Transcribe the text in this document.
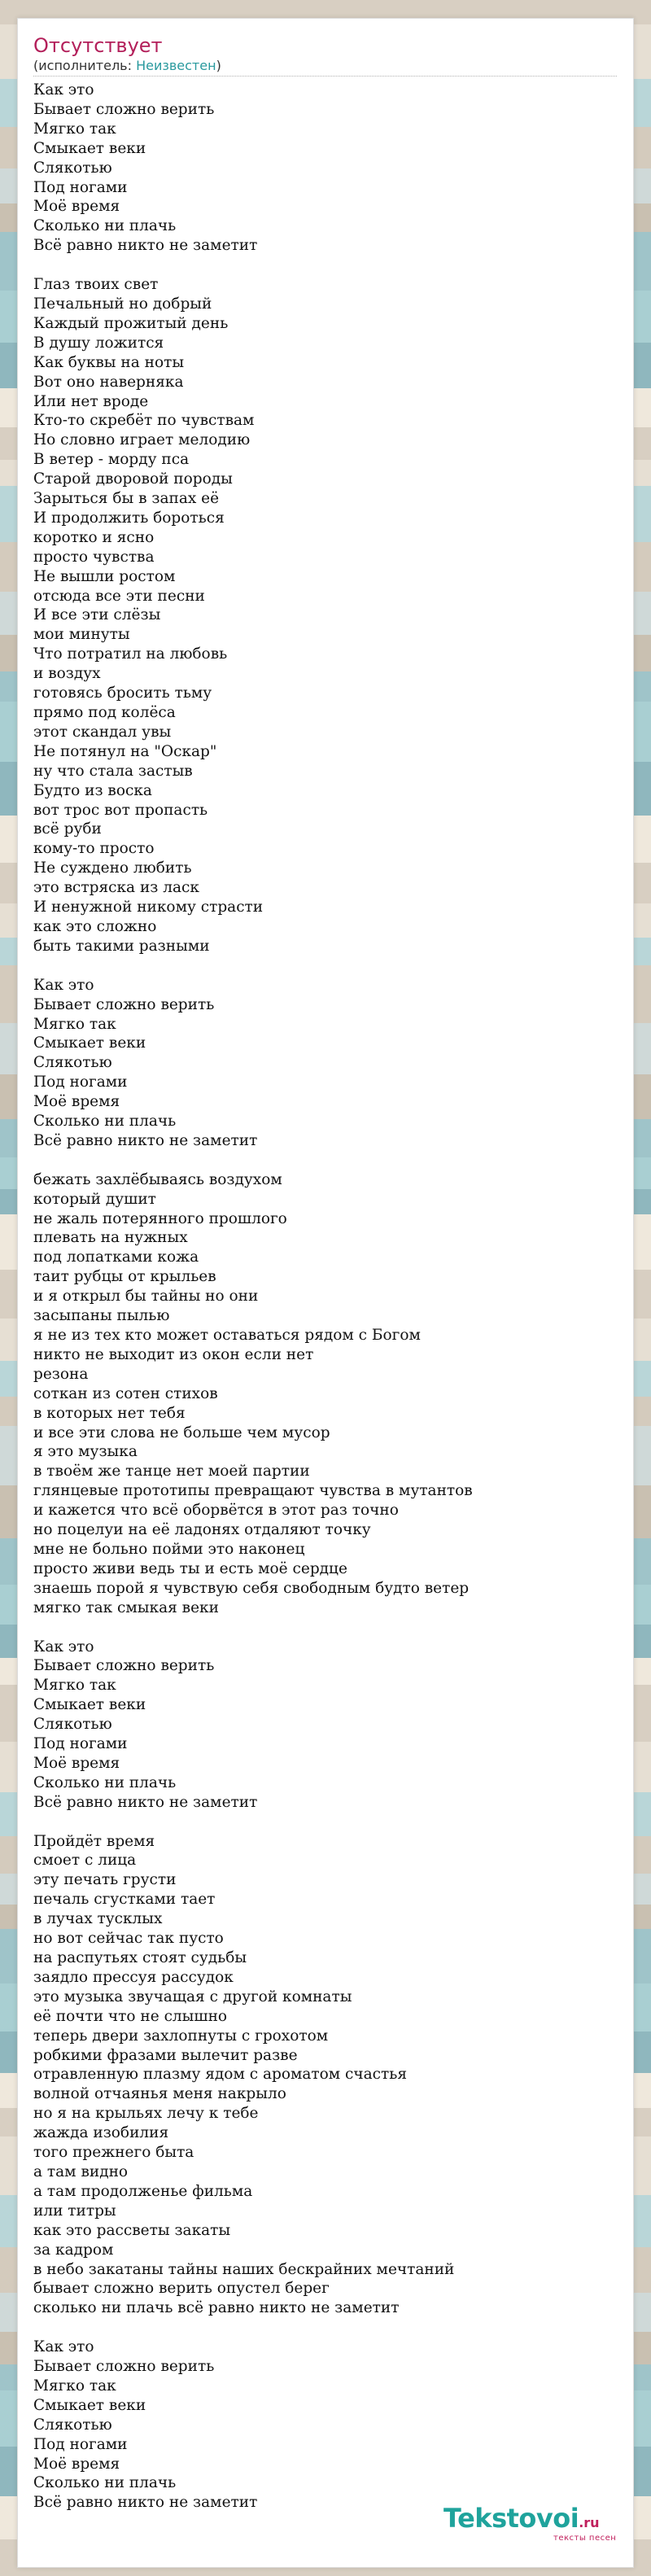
Отсутствует
(исполнитель: Неизвестен)
Как это
Бывает сложно верить
Мягко так
Смыкает веки
Слякотью
Под ногами
Моё время
Сколько ни плачь
Всё равно никто не заметит

Глаз твоих свет
Печальный но добрый
Каждый прожитый день
В душу ложится
Как буквы на ноты
Вот оно наверняка
Или нет вроде
Кто-то скребёт по чувствам
Но словно играет мелодию
В ветер - морду пса
Старой дворовой породы
Зарыться бы в запах её
И продолжить бороться
коротко и ясно
просто чувства
Не вышли ростом
отсюда все эти песни
И все эти слёзы
мои минуты
Что потратил на любовь
и воздух
готовясь бросить тьму
прямо под колёса
этот скандал увы
Не потянул на "Оскар"
ну что стала застыв
Будто из воска
вот трос вот пропасть
всё руби
кому-то просто
Не суждено любить
это встряска из ласк
И ненужной никому страсти
как это сложно
быть такими разными

Как это
Бывает сложно верить
Мягко так
Смыкает веки
Слякотью
Под ногами
Моё время
Сколько ни плачь
Всё равно никто не заметит

бежать захлёбываясь воздухом
который душит
не жаль потерянного прошлого
плевать на нужных
под лопатками кожа
таит рубцы от крыльев
и я открыл бы тайны но они
засыпаны пылью
я не из тех кто может оставаться рядом с Богом
никто не выходит из окон если нет
резона
соткан из сотен стихов
в которых нет тебя
и все эти слова не больше чем мусор
я это музыка
в твоём же танце нет моей партии
глянцевые прототипы превращают чувства в мутантов
и кажется что всё оборвётся в этот раз точно
но поцелуи на её ладонях отдаляют точку
мне не больно пойми это наконец
просто живи ведь ты и есть моё сердце
знаешь порой я чувствую себя свободным будто ветер
мягко так смыкая веки

Как это
Бывает сложно верить
Мягко так
Смыкает веки
Слякотью
Под ногами
Моё время
Сколько ни плачь
Всё равно никто не заметит

Пройдёт время
смоет с лица
эту печать грусти
печаль сгустками тает
в лучах тусклых
но вот сейчас так пусто
на распутьях стоят судьбы
заядло прессуя рассудок
это музыка звучащая с другой комнаты
её почти что не слышно
теперь двери захлопнуты с грохотом
робкими фразами вылечит разве
отравленную плазму ядом с ароматом счастья
волной отчаянья меня накрыло
но я на крыльях лечу к тебе
жажда изобилия
того прежнего быта
а там видно
а там продолженье фильма
или титры
как это рассветы закаты
за кадром
в небо закатаны тайны наших бескрайних мечтаний
бывает сложно верить опустел берег
сколько ни плачь всё равно никто не заметит

Как это
Бывает сложно верить
Мягко так
Смыкает веки
Слякотью
Под ногами
Моё время
Сколько ни плачь
Всё равно никто не заметит
Tekstovoi.ru
тексты песен
